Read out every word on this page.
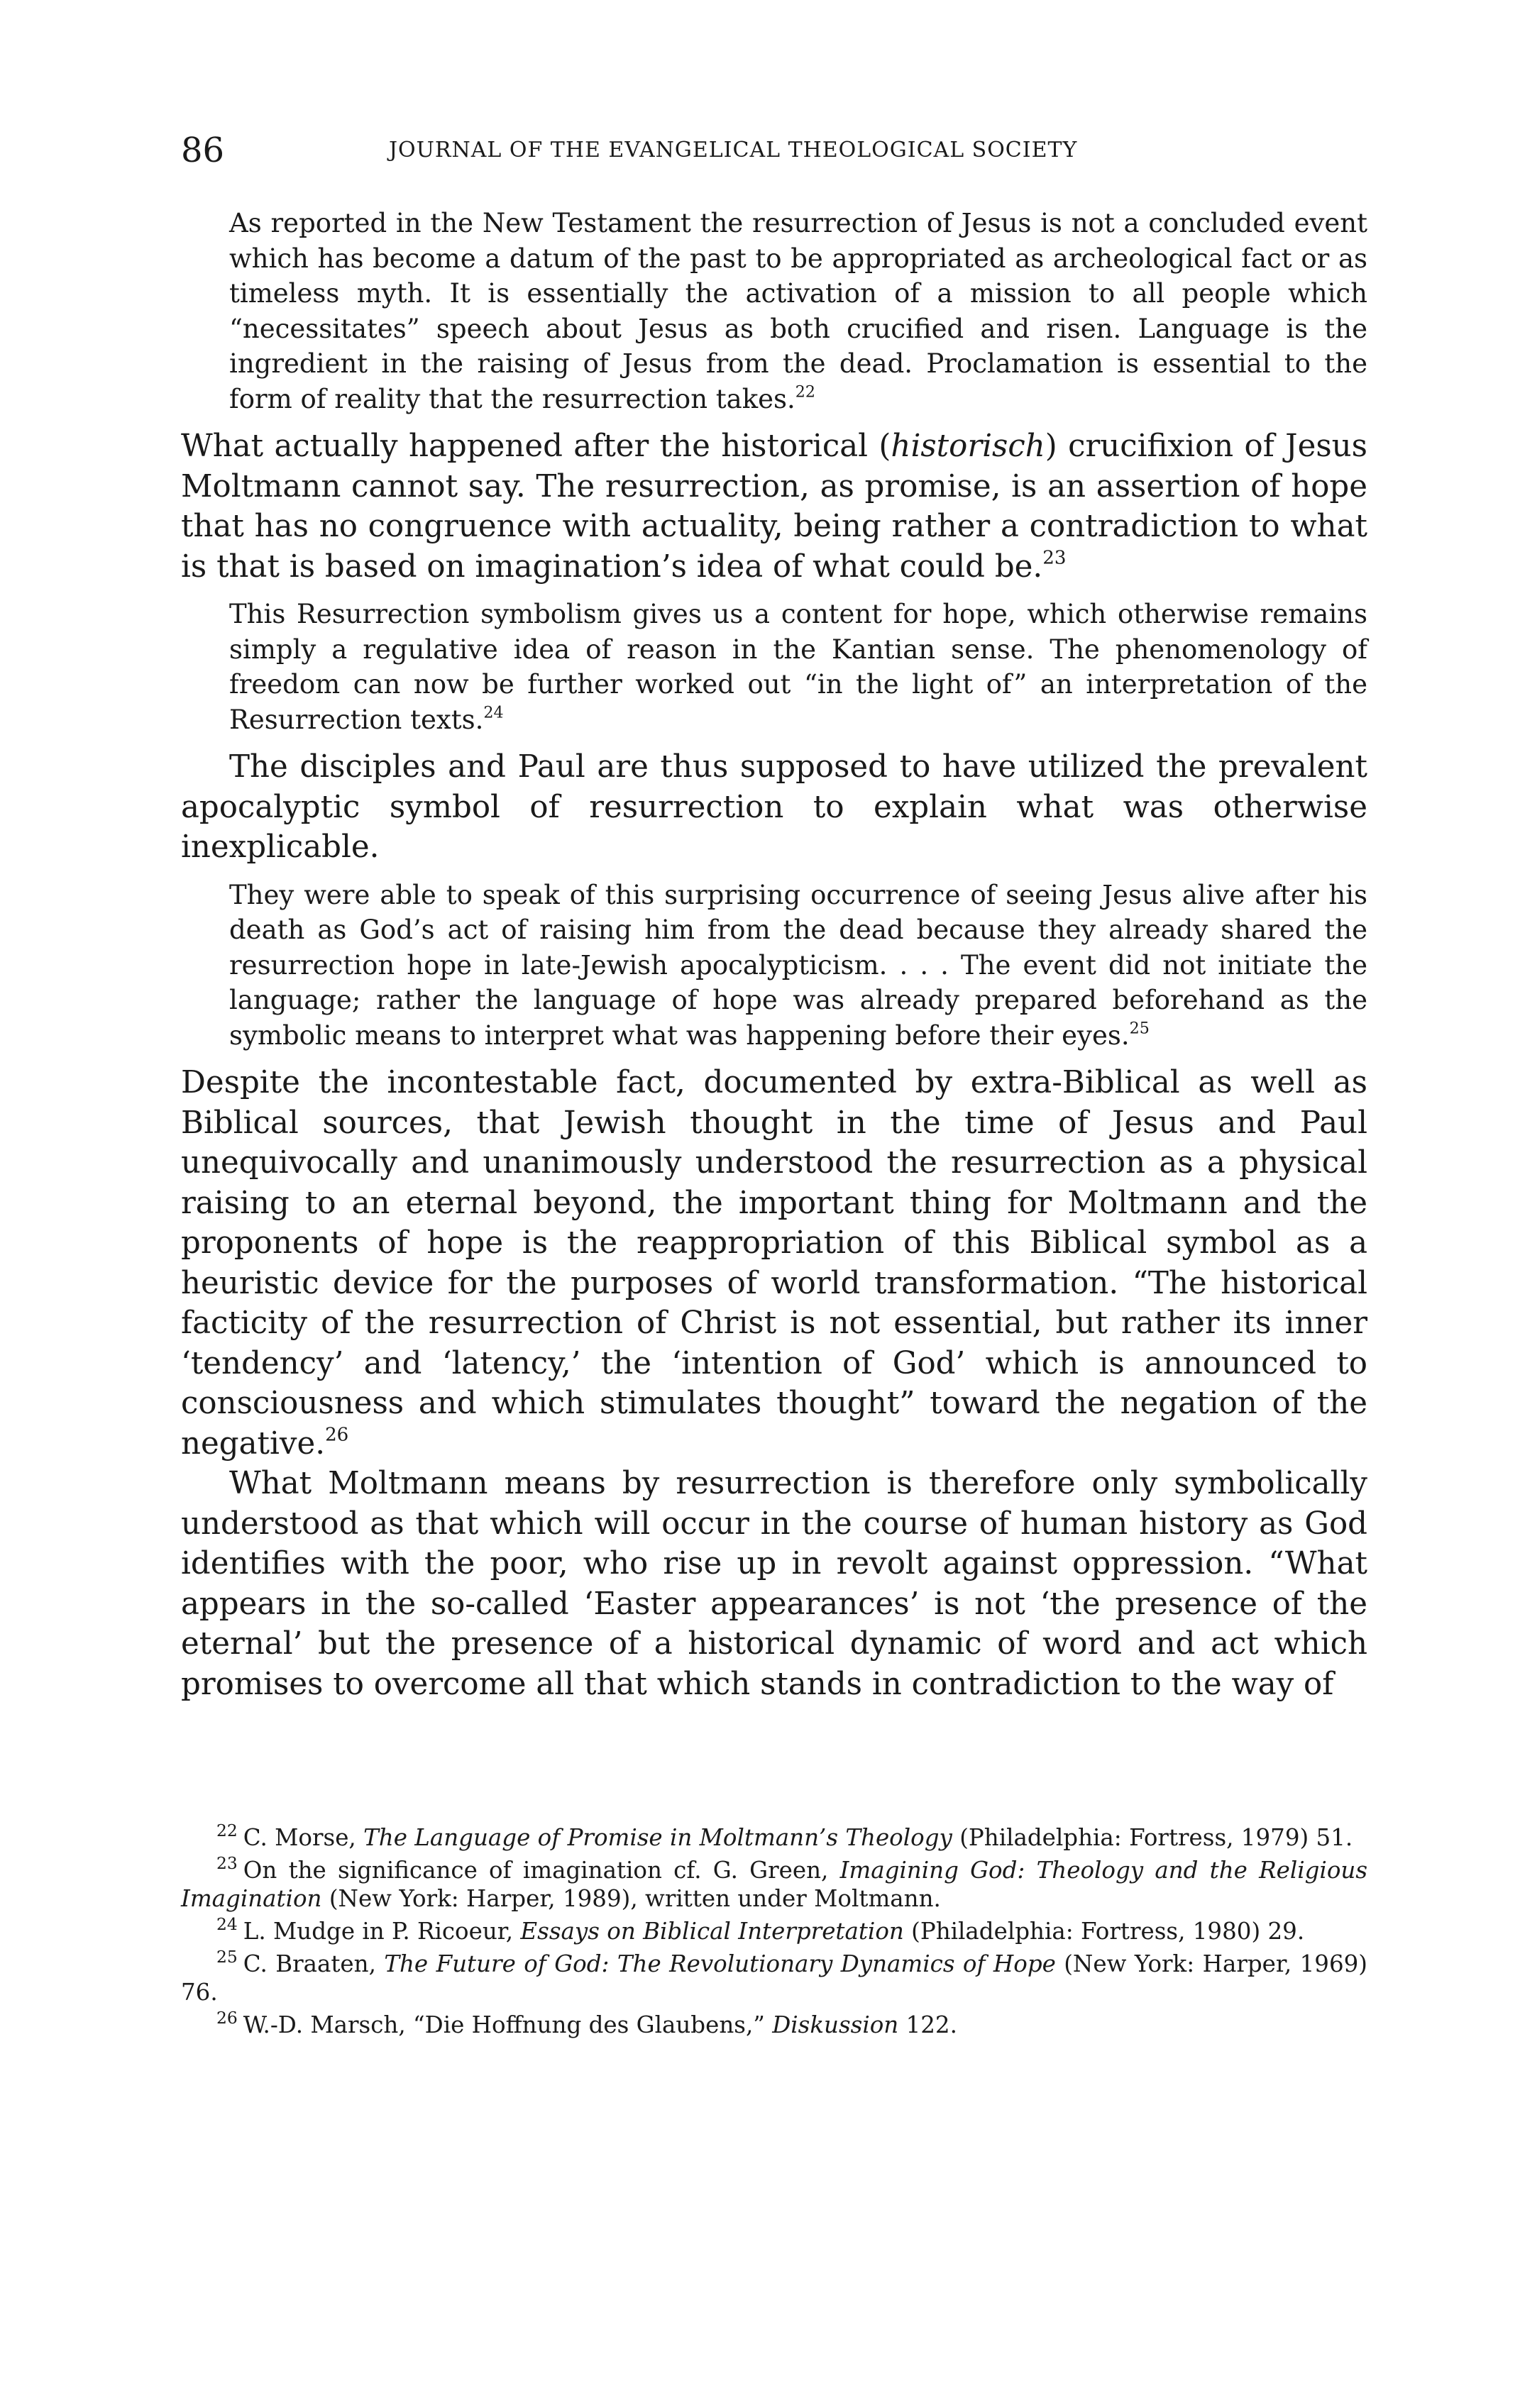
86	JOURNAL OF THE EVANGELICAL THEOLOGICAL SOCIETY

As reported in the New Testament the resurrection of Jesus is not a concluded event which has become a datum of the past to be appropriated as archeological fact or as timeless myth. It is essentially the activation of a mission to all people which “necessitates” speech about Jesus as both crucified and risen. Language is the ingredient in the raising of Jesus from the dead. Proclamation is essential to the form of reality that the resurrection takes.$^{22}$

What actually happened after the historical (historisch) crucifixion of Jesus Moltmann cannot say. The resurrection, as promise, is an assertion of hope that has no congruence with actuality, being rather a contradiction to what is that is based on imagination’s idea of what could be.$^{23}$

This Resurrection symbolism gives us a content for hope, which otherwise remains simply a regulative idea of reason in the Kantian sense. The phenomenology of freedom can now be further worked out “in the light of” an interpretation of the Resurrection texts.$^{24}$

The disciples and Paul are thus supposed to have utilized the prevalent apocalyptic symbol of resurrection to explain what was otherwise inexplicable.

They were able to speak of this surprising occurrence of seeing Jesus alive after his death as God’s act of raising him from the dead because they already shared the resurrection hope in late-Jewish apocalypticism. . . . The event did not initiate the language; rather the language of hope was already prepared beforehand as the symbolic means to interpret what was happening before their eyes.$^{25}$

Despite the incontestable fact, documented by extra-Biblical as well as Biblical sources, that Jewish thought in the time of Jesus and Paul unequivocally and unanimously understood the resurrection as a physical raising to an eternal beyond, the important thing for Moltmann and the proponents of hope is the reappropriation of this Biblical symbol as a heuristic device for the purposes of world transformation. “The historical facticity of the resurrection of Christ is not essential, but rather its inner ‘tendency’ and ‘latency,’ the ‘intention of God’ which is announced to consciousness and which stimulates thought” toward the negation of the negative.$^{26}$

What Moltmann means by resurrection is therefore only symbolically understood as that which will occur in the course of human history as God identifies with the poor, who rise up in revolt against oppression. “What appears in the so-called ‘Easter appearances’ is not ‘the presence of the eternal’ but the presence of a historical dynamic of word and act which promises to overcome all that which stands in contradiction to the way of

$^{22}$ C. Morse, The Language of Promise in Moltmann’s Theology (Philadelphia: Fortress, 1979) 51.

$^{23}$ On the significance of imagination cf. G. Green, Imagining God: Theology and the Religious Imagination (New York: Harper, 1989), written under Moltmann.

$^{24}$ L. Mudge in P. Ricoeur, Essays on Biblical Interpretation (Philadelphia: Fortress, 1980) 29.

$^{25}$ C. Braaten, The Future of God: The Revolutionary Dynamics of Hope (New York: Harper, 1969) 76.

$^{26}$ W.-D. Marsch, “Die Hoffnung des Glaubens,” Diskussion 122.
